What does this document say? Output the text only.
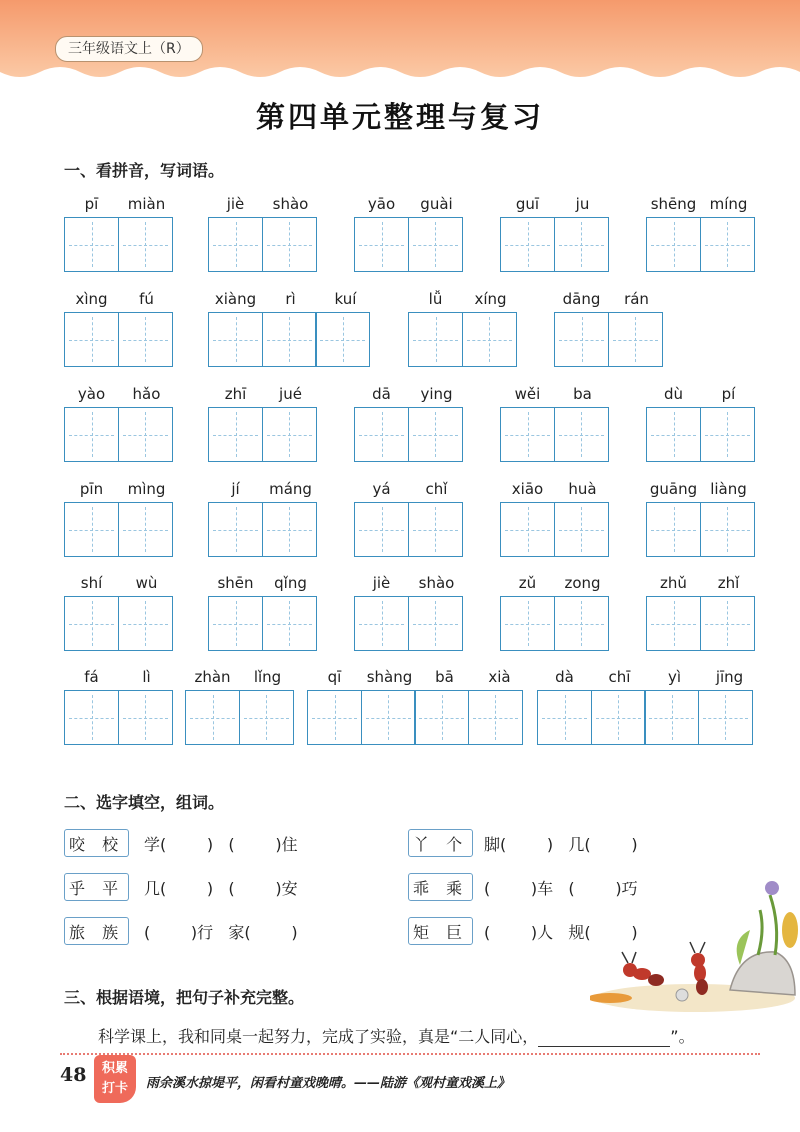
三年级语文上（R）
第四单元整理与复习
一、看拼音，写词语。
pī	miàn	jiè	shào	yāo	guài	guī	ju	shēng míng
xìng	fú	xiàng	rì	kuí	lǚ	xíng	dāng	rán
yào	hǎo	zhī	jué	dā	ying	wěi	ba	dù	pí
pīn	mìng	jí	máng	yá	chǐ	xiāo	huà	guāng liàng
shí	wù	shēn	qǐng	jiè	shào	zǔ	zong	zhǔ	zhǐ
fá	lì	zhàn	lǐng	qī	shàng	bā	xià	dà	chī	yì	jīng
二、选字填空，组词。
咬 校	学(        )   (        )住	丫 个 脚(        )   几(        )
乎 平	几(        )   (        )安	乖 乘 (        )车   (        )巧
旅 族	(        )行   家(        )	矩 巨 (        )人   规(        )
三、根据语境，把句子补充完整。
科学课上，我和同桌一起努力，完成了实验，真是“二人同心，	”。
48	积累
打卡	雨余溪水掠堤平，闲看村童戏晚晴。——陆游《观村童戏溪上》
